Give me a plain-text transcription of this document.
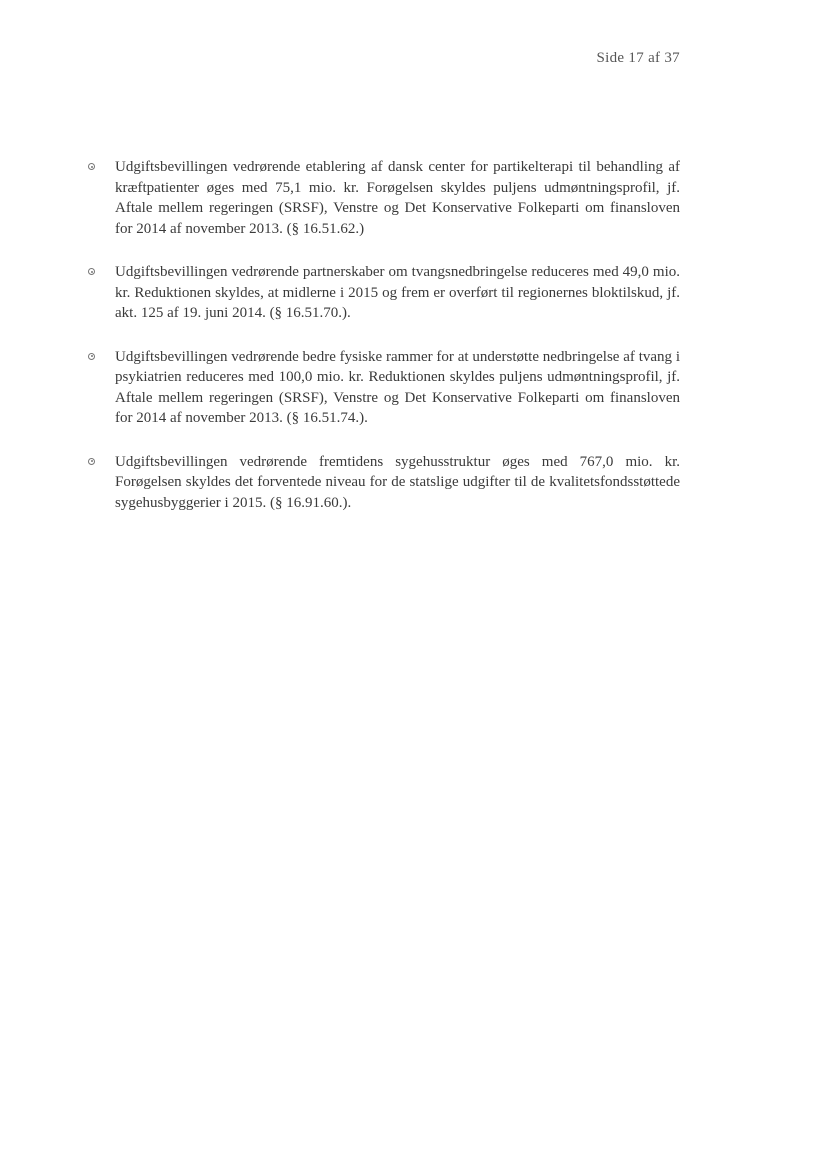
Side 17 af 37
Udgiftsbevillingen vedrørende etablering af dansk center for partikelterapi til behandling af kræftpatienter øges med 75,1 mio. kr. Forøgelsen skyldes puljens udmøntningsprofil, jf. Aftale mellem regeringen (SRSF), Venstre og Det Konservative Folkeparti om finansloven for 2014 af november 2013. (§ 16.51.62.)
Udgiftsbevillingen vedrørende partnerskaber om tvangsnedbringelse reduceres med 49,0 mio. kr. Reduktionen skyldes, at midlerne i 2015 og frem er overført til regionernes bloktilskud, jf. akt. 125 af 19. juni 2014. (§ 16.51.70.).
Udgiftsbevillingen vedrørende bedre fysiske rammer for at understøtte nedbringelse af tvang i psykiatrien reduceres med 100,0 mio. kr. Reduktionen skyldes puljens udmøntningsprofil, jf. Aftale mellem regeringen (SRSF), Venstre og Det Konservative Folkeparti om finansloven for 2014 af november 2013. (§ 16.51.74.).
Udgiftsbevillingen vedrørende fremtidens sygehusstruktur øges med 767,0 mio. kr. Forøgelsen skyldes det forventede niveau for de statslige udgifter til de kvalitetsfondsstøttede sygehusbyggerier i 2015. (§ 16.91.60.).
